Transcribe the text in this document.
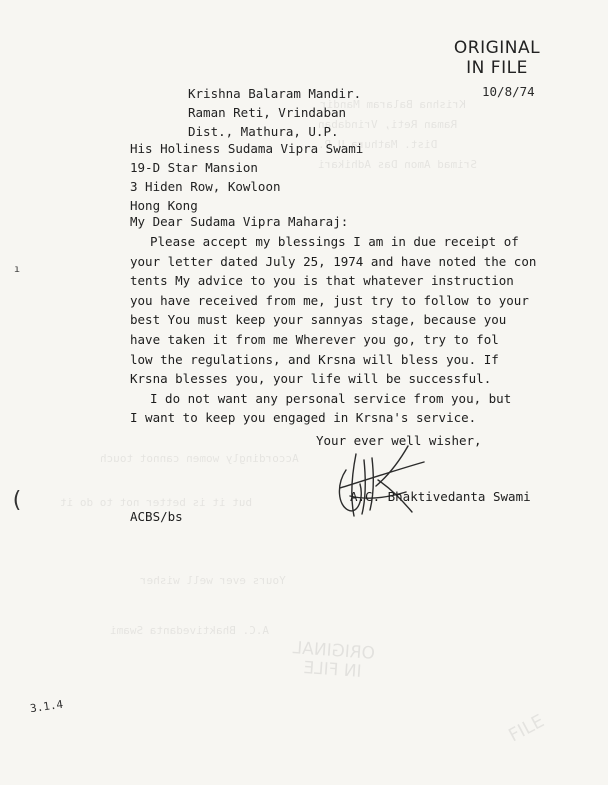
Krishna Balaram Mandir
Raman Reti, Vrindaban
Dist. Mathura U.P.
Srimad Amon Das Adhikari
Accordingly women cannot touch
but it is better not to do it
Yours ever well wisher
A.C. Bhaktivedanta Swami
ORIGINAL
IN FILE
FILE
ORIGINAL
IN FILE
10/8/74
Krishna Balaram Mandir.
Raman Reti, Vrindaban
Dist., Mathura, U.P.
His Holiness Sudama Vipra Swami
19-D Star Mansion
3 Hiden Row, Kowloon
Hong Kong
My Dear Sudama Vipra Maharaj:
Please accept my blessings I am in due receipt of
your letter dated July 25, 1974 and have noted the con
tents My advice to you is that whatever instruction
you have received from me, just try to follow to your
best You must keep your sannyas stage, because you
have taken it from me Wherever you go, try to fol
low the regulations, and Krsna will bless you. If
Krsna blesses you, your life will be successful.
I do not want any personal service from you, but
I want to keep you engaged in Krsna's service.
Your ever well wisher,
A.C. Bhaktivedanta Swami
ACBS/bs
(
ı
3.1.4
